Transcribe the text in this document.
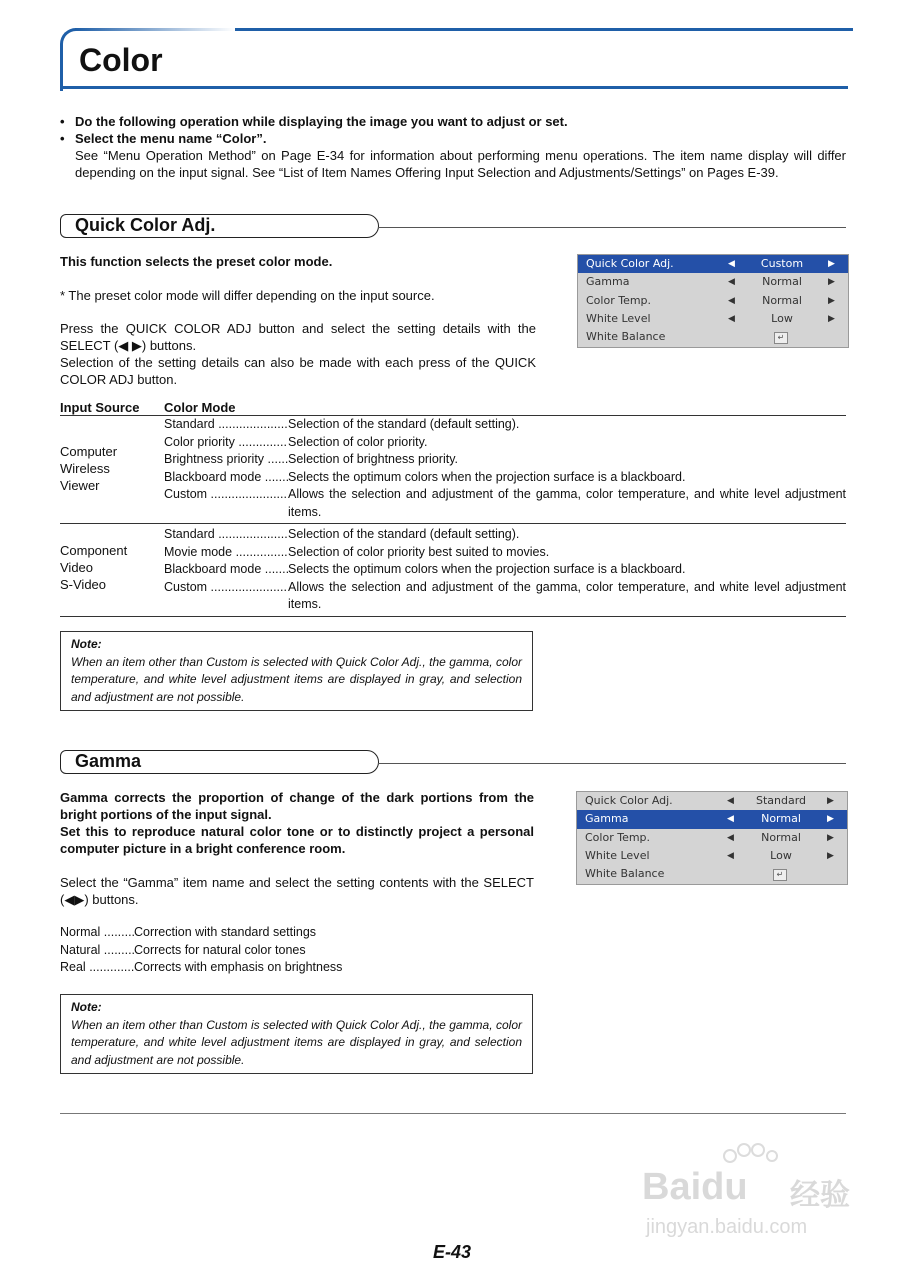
Color
• Do the following operation while displaying the image you want to adjust or set.
• Select the menu name “Color”.
See “Menu Operation Method” on Page E-34 for information about performing menu operations. The item name display will differ depending on the input signal. See “List of Item Names Offering Input Selection and Adjustments/Settings” on Pages E-39.
Quick Color Adj.
This function selects the preset color mode.
* The preset color mode will differ depending on the input source.
Press the QUICK COLOR ADJ button and select the setting details with the SELECT (◀ ▶) buttons.
Selection of the setting details can also be made with each press of the QUICK COLOR ADJ button.
Quick Color Adj.	◀	Custom	▶
Gamma	◀	Normal	▶
Color Temp.	◀	Normal	▶
White Level	◀	Low	▶
White Balance	↵
Input Source Color Mode
Computer
Wireless
Viewer
Standard .....	Selection of the standard (default setting).
Color priority .....	Selection of color priority.
Brightness priority .....	Selection of brightness priority.
Blackboard mode .....	Selects the optimum colors when the projection surface is a blackboard.
Custom .....	Allows the selection and adjustment of the gamma, color temperature, and white level adjustment items.
Component
Video
S-Video
Standard .....	Selection of the standard (default setting).
Movie mode .....	Selection of color priority best suited to movies.
Blackboard mode .....	Selects the optimum colors when the projection surface is a blackboard.
Custom .....	Allows the selection and adjustment of the gamma, color temperature, and white level adjustment items.
Note:
When an item other than Custom is selected with Quick Color Adj., the gamma, color temperature, and white level adjustment items are displayed in gray, and selection and adjustment are not possible.
Gamma
Gamma corrects the proportion of change of the dark portions from the bright portions of the input signal.
Set this to reproduce natural color tone or to distinctly project a personal computer picture in a bright conference room.
Select the “Gamma” item name and select the setting contents with the SELECT (◀▶) buttons.
Quick Color Adj.	◀	Standard	▶
Gamma	◀	Normal	▶
Color Temp.	◀	Normal	▶
White Level	◀	Low	▶
White Balance	↵
Normal .....	Correction with standard settings
Natural .....	Corrects for natural color tones
Real .....	Corrects with emphasis on brightness
Note:
When an item other than Custom is selected with Quick Color Adj., the gamma, color temperature, and white level adjustment items are displayed in gray, and selection and adjustment are not possible.
Baidu 经验
jingyan.baidu.com
E-43
